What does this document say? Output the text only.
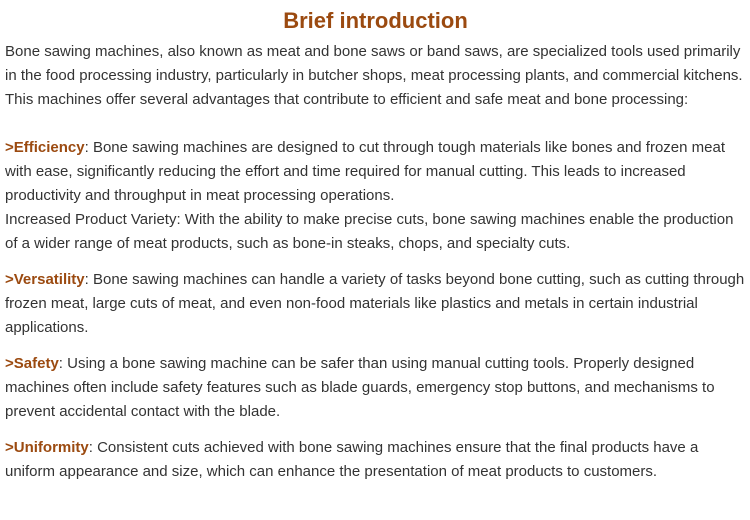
Brief introduction

Bone sawing machines, also known as meat and bone saws or band saws, are specialized tools used primarily in the food processing industry, particularly in butcher shops, meat processing plants, and commercial kitchens. This machines offer several advantages that contribute to efficient and safe meat and bone processing:

>Efficiency: Bone sawing machines are designed to cut through tough materials like bones and frozen meat with ease, significantly reducing the effort and time required for manual cutting. This leads to increased productivity and throughput in meat processing operations.

Increased Product Variety: With the ability to make precise cuts, bone sawing machines enable the production of a wider range of meat products, such as bone-in steaks, chops, and specialty cuts.

>Versatility: Bone sawing machines can handle a variety of tasks beyond bone cutting, such as cutting through frozen meat, large cuts of meat, and even non-food materials like plastics and metals in certain industrial applications.

>Safety: Using a bone sawing machine can be safer than using manual cutting tools. Properly designed machines often include safety features such as blade guards, emergency stop buttons, and mechanisms to prevent accidental contact with the blade.

>Uniformity: Consistent cuts achieved with bone sawing machines ensure that the final products have a uniform appearance and size, which can enhance the presentation of meat products to customers.
